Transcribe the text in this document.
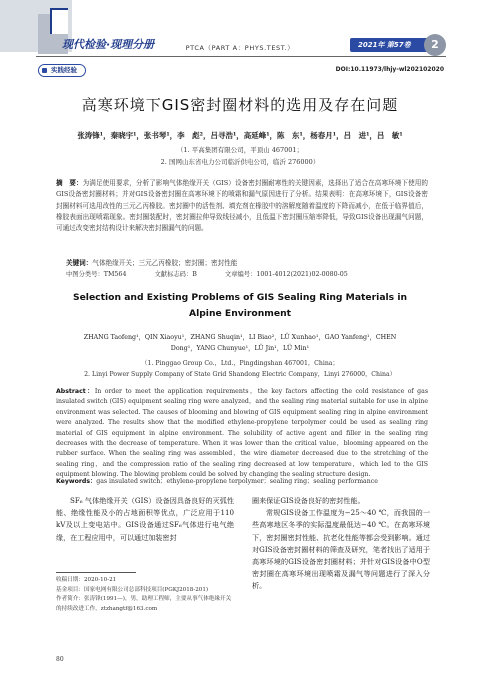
现代检验·现理分册	PTCA（PART A：PHYS.TEST.）	2021年 第57卷	2
实践经验	DOI:10.11973/lhjy-wl202102020
高寒环境下GIS密封圈材料的选用及存在问题
张涛锋¹，秦晓宇¹，张书琴¹，李　彪²，吕寻浩¹，高延峰¹，陈　东¹，杨春月¹，吕　进¹，吕　敏¹
（1. 平高集团有限公司，平顶山 467001；
2. 国网山东省电力公司临沂供电公司，临沂 276000）
摘　要：为满足使用要求，分析了影响气体绝缘开关（GIS）设备密封圈耐寒性的关键因素，选择出了适合在高寒环境下使用的GIS设备密封圈材料；并对GIS设备密封圈在高寒环境下的喷霜和漏气原因进行了分析。结果表明：在高寒环境下，GIS设备密封圈材料可选用改性的三元乙丙橡胶。密封圈中的活性剂、填充剂在橡胶中的溶解度随着温度的下降而减小，在低于临界值后，橡胶表面出现喷霜现象。密封圈装配时，密封圈拉伸导致线径减小，且低温下密封圈压缩率降低，导致GIS设备出现漏气问题，可通过改变密封结构设计来解决密封圈漏气的问题。
关键词：气体绝缘开关；三元乙丙橡胶；密封圈；密封性能
中图分类号：TM564	文献标志码：B	文章编号：1001-4012(2021)02-0080-05
Selection and Existing Problems of GIS Sealing Ring Materials in Alpine Environment
ZHANG Taofeng¹，QIN Xiaoyu¹，ZHANG Shuqin¹，LI Biao²，LÜ Xunhao¹，GAO Yanfeng¹，CHEN Dong¹，YANG Chunyue¹，LÜ Jin¹，LÜ Min¹
（1. Pinggao Group Co.，Ltd.，Pingdingshan 467001，China；
2. Linyi Power Supply Company of State Grid Shandong Electric Company，Linyi 276000，China）
Abstract：In order to meet the application requirements，the key factors affecting the cold resistance of gas insulated switch (GIS) equipment sealing ring were analyzed，and the sealing ring material suitable for use in alpine environment was selected. The causes of blooming and blowing of GIS equipment sealing ring in alpine environment were analyzed. The results show that the modified ethylene-propylene terpolymer could be used as sealing ring material of GIS equipment in alpine environment. The solubility of active agent and filler in the sealing ring decreases with the decrease of temperature. When it was lower than the critical value，blooming appeared on the rubber surface. When the sealing ring was assembled，the wire diameter decreased due to the stretching of the sealing ring，and the compression ratio of the sealing ring decreased at low temperature，which led to the GIS equipment blowing. The blowing problem could be solved by changing the sealing structure design.
Keywords：gas insulated switch；ethylene-propylene terpolymer；sealing ring；sealing performance

SF₆ 气体绝缘开关（GIS）设备因具备良好的灭弧性能、绝缘性能及小的占地面积等优点，广泛应用于110 kV及以上变电站中。GIS设备通过SF₆气体进行电气绝缘，在工程应用中，可以通过加装密封

圈来保证GIS设备良好的密封性能。

常规GIS设备工作温度为−25～40 ℃，而我国的一些高寒地区冬季的实际温度最低达−40 ℃。在高寒环境下，密封圈密封性能、抗老化性能等都会受到影响。通过对GIS设备密封圈材料的筛查及研究，笔者找出了适用于高寒环境的GIS设备密封圈材料；并针对GIS设备中O型密封圈在高寒环境出现喷霜及漏气等问题进行了深入分析。

收稿日期：2020-10-21
基金项目：国家电网有限公司总部科技项目(PGKJ2018-201)
作者简介：张涛锋(1991—)，男，助理工程师，主要从事气体绝缘开关的持续改进工作，ztzhangtf@163.com
80
